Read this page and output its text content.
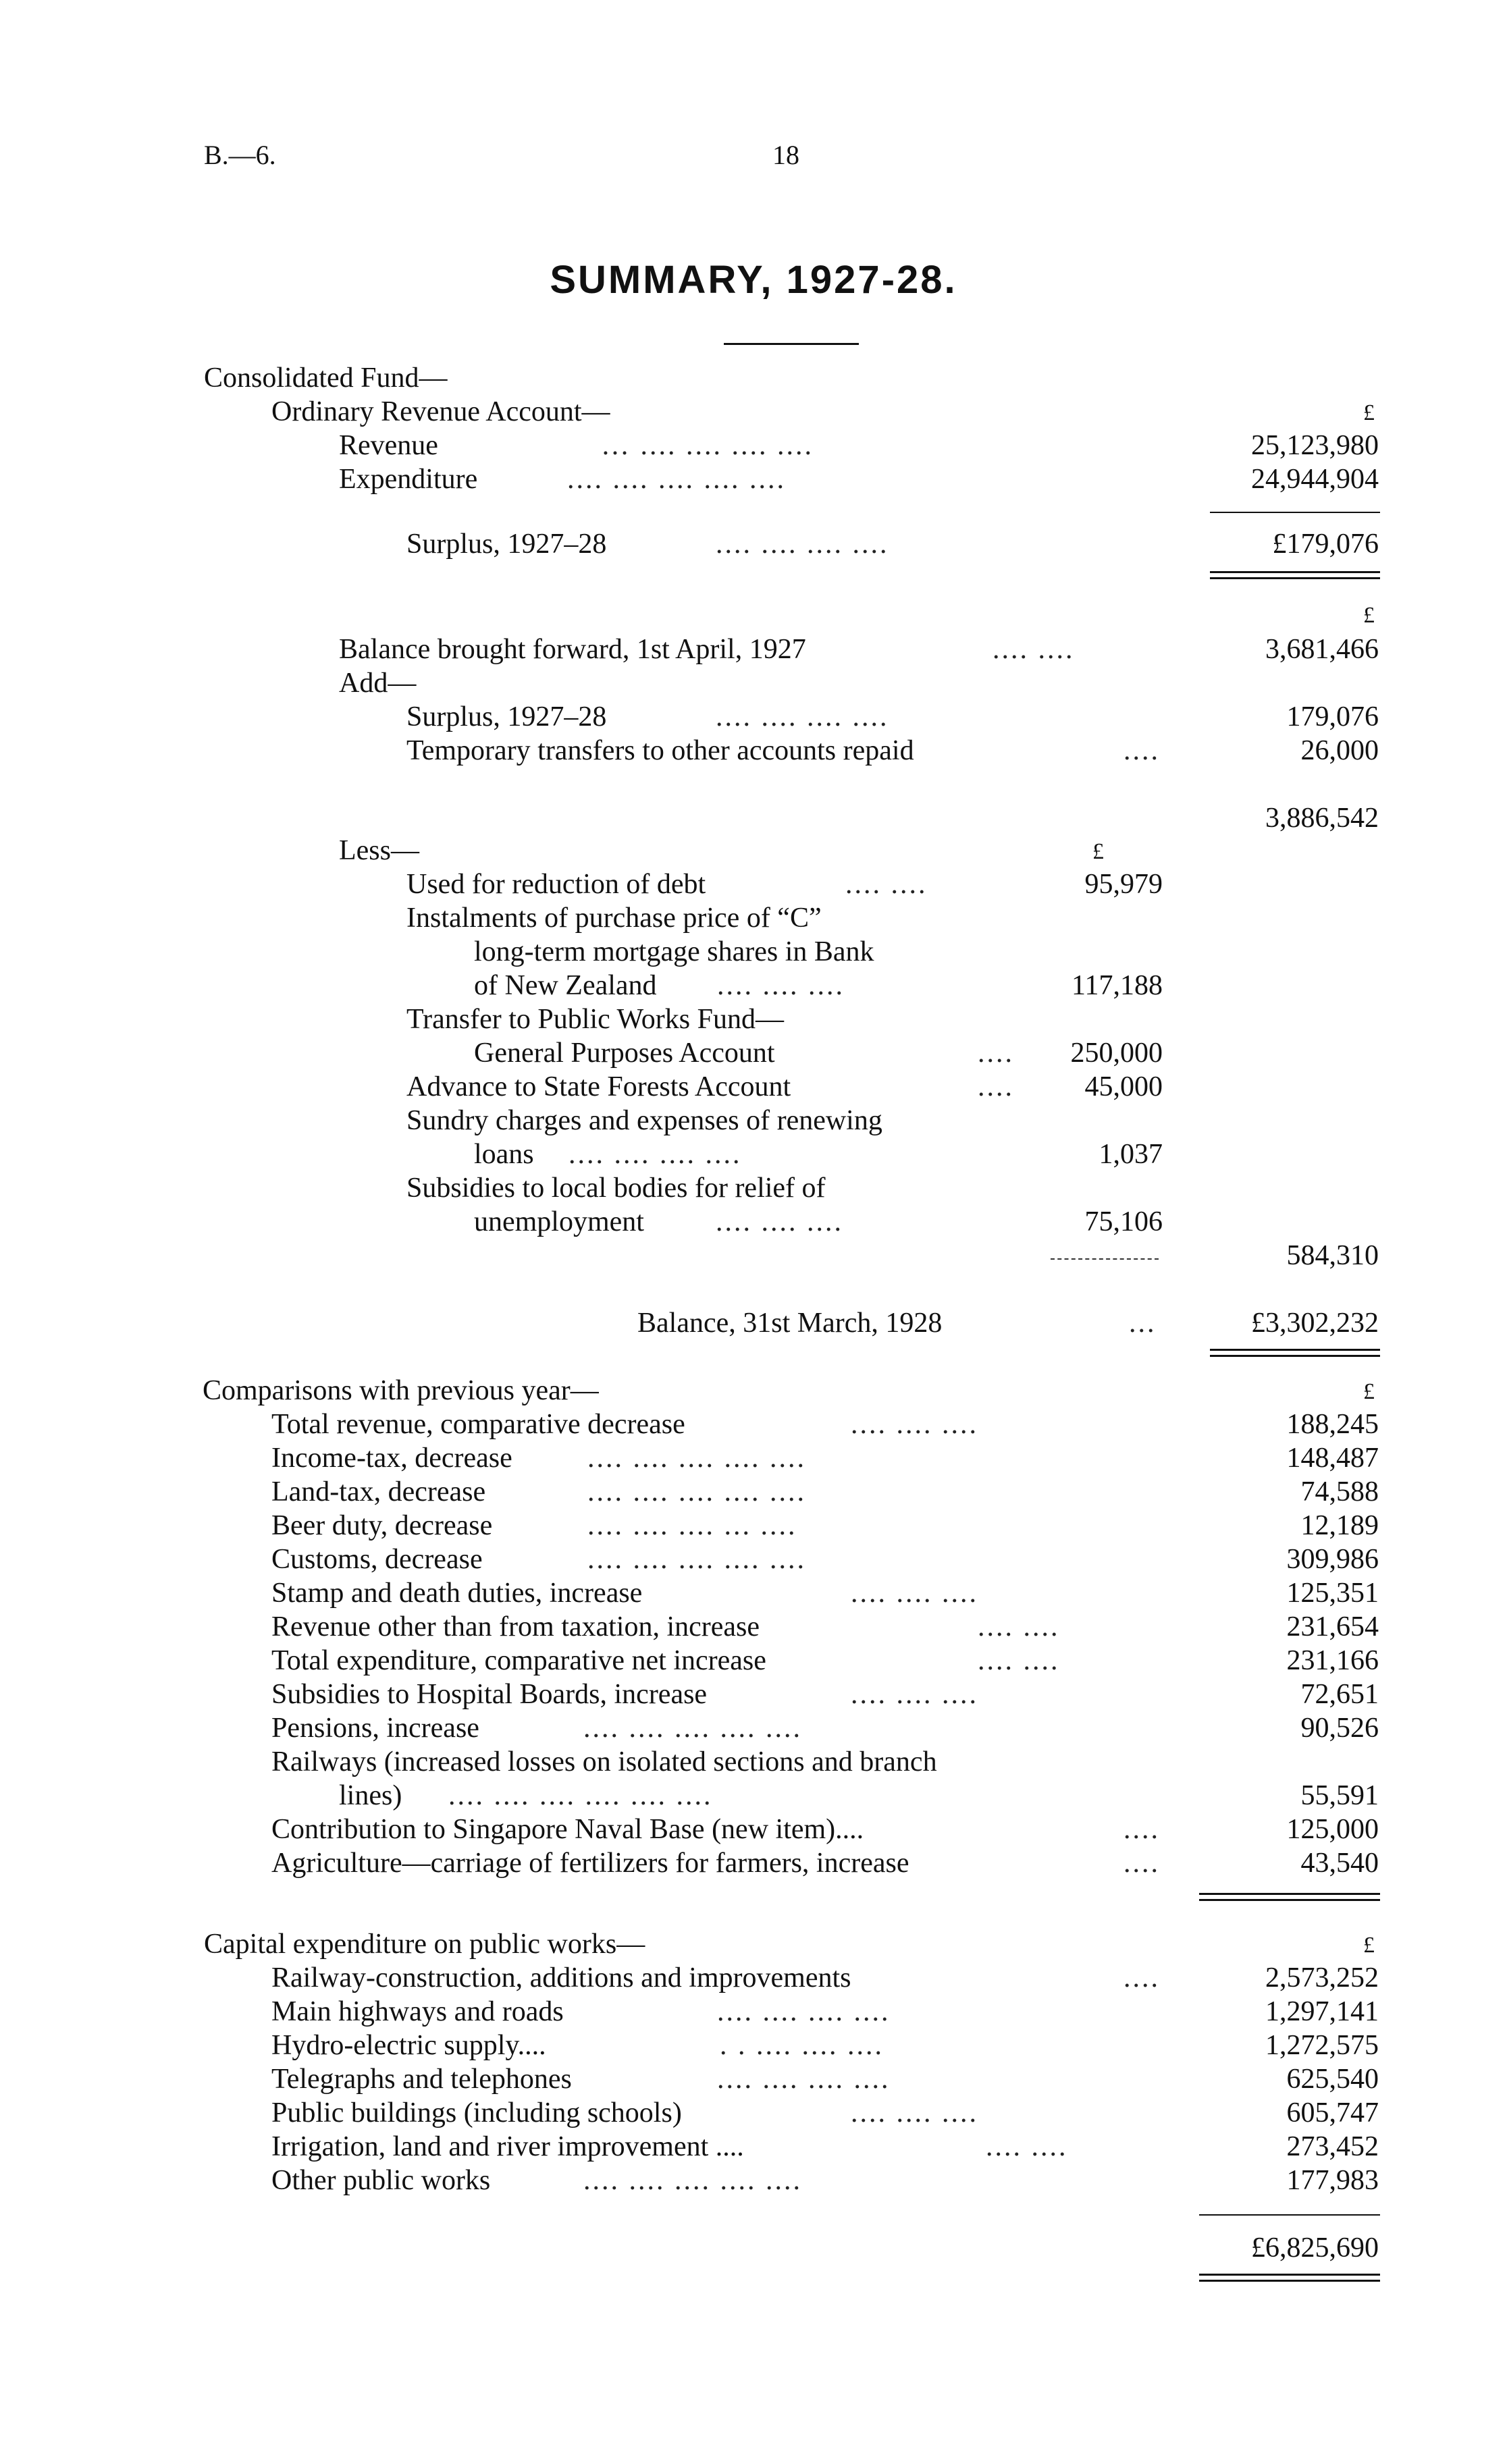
B.—6.	18
SUMMARY, 1927-28.
Consolidated Fund—
Ordinary Revenue Account—	£
Revenue	… .... .... .... ....	25,123,980
Expenditure	.... .... .... .... ....	24,944,904
Surplus, 1927–28	.... .... .... ....	£179,076
£
Balance brought forward, 1st April, 1927	.... ....	3,681,466
Add—
Surplus, 1927–28	.... .... .... ....	179,076
Temporary transfers to other accounts repaid	....	26,000
3,886,542
Less—	£
Used for reduction of debt	.... ....	95,979
Instalments of purchase price of “C”
long-term mortgage shares in Bank
of New Zealand .... .... ....	117,188
Transfer to Public Works Fund—
General Purposes Account	.... 250,000
Advance to State Forests Account	.... 45,000
Sundry charges and expenses of renewing
loans .... .... .... ....	1,037
Subsidies to local bodies for relief of
unemployment	.... .... ....	75,106
584,310
Balance, 31st March, 1928	...	£3,302,232
Comparisons with previous year—	£
Total revenue, comparative decrease	.... .... ....	188,245
Income-tax, decrease	.... .... .... .... ....	148,487
Land-tax, decrease	.... .... .... .... ....	74,588
Beer duty, decrease	.... .... .... ... ....	12,189
Customs, decrease	.... .... .... .... ....	309,986
Stamp and death duties, increase	.... .... ....	125,351
Revenue other than from taxation, increase	.... ....	231,654
Total expenditure, comparative net increase	.... ....	231,166
Subsidies to Hospital Boards, increase	.... .... ....	72,651
Pensions, increase	.... .... .... .... ....	90,526
Railways (increased losses on isolated sections and branch
lines) .... .... .... .... .... ....	55,591
Contribution to Singapore Naval Base (new item)....	....	125,000
Agriculture—carriage of fertilizers for farmers, increase	....	43,540
Capital expenditure on public works—	£
Railway-construction, additions and improvements	....	2,573,252
Main highways and roads	.... .... .... ....	1,297,141
Hydro-electric supply....	. . .... .... ....	1,272,575
Telegraphs and telephones	.... .... .... ....	625,540
Public buildings (including schools)	.... .... ....	605,747
Irrigation, land and river improvement ....	.... ....	273,452
Other public works	.... .... .... .... ....	177,983
£6,825,690
